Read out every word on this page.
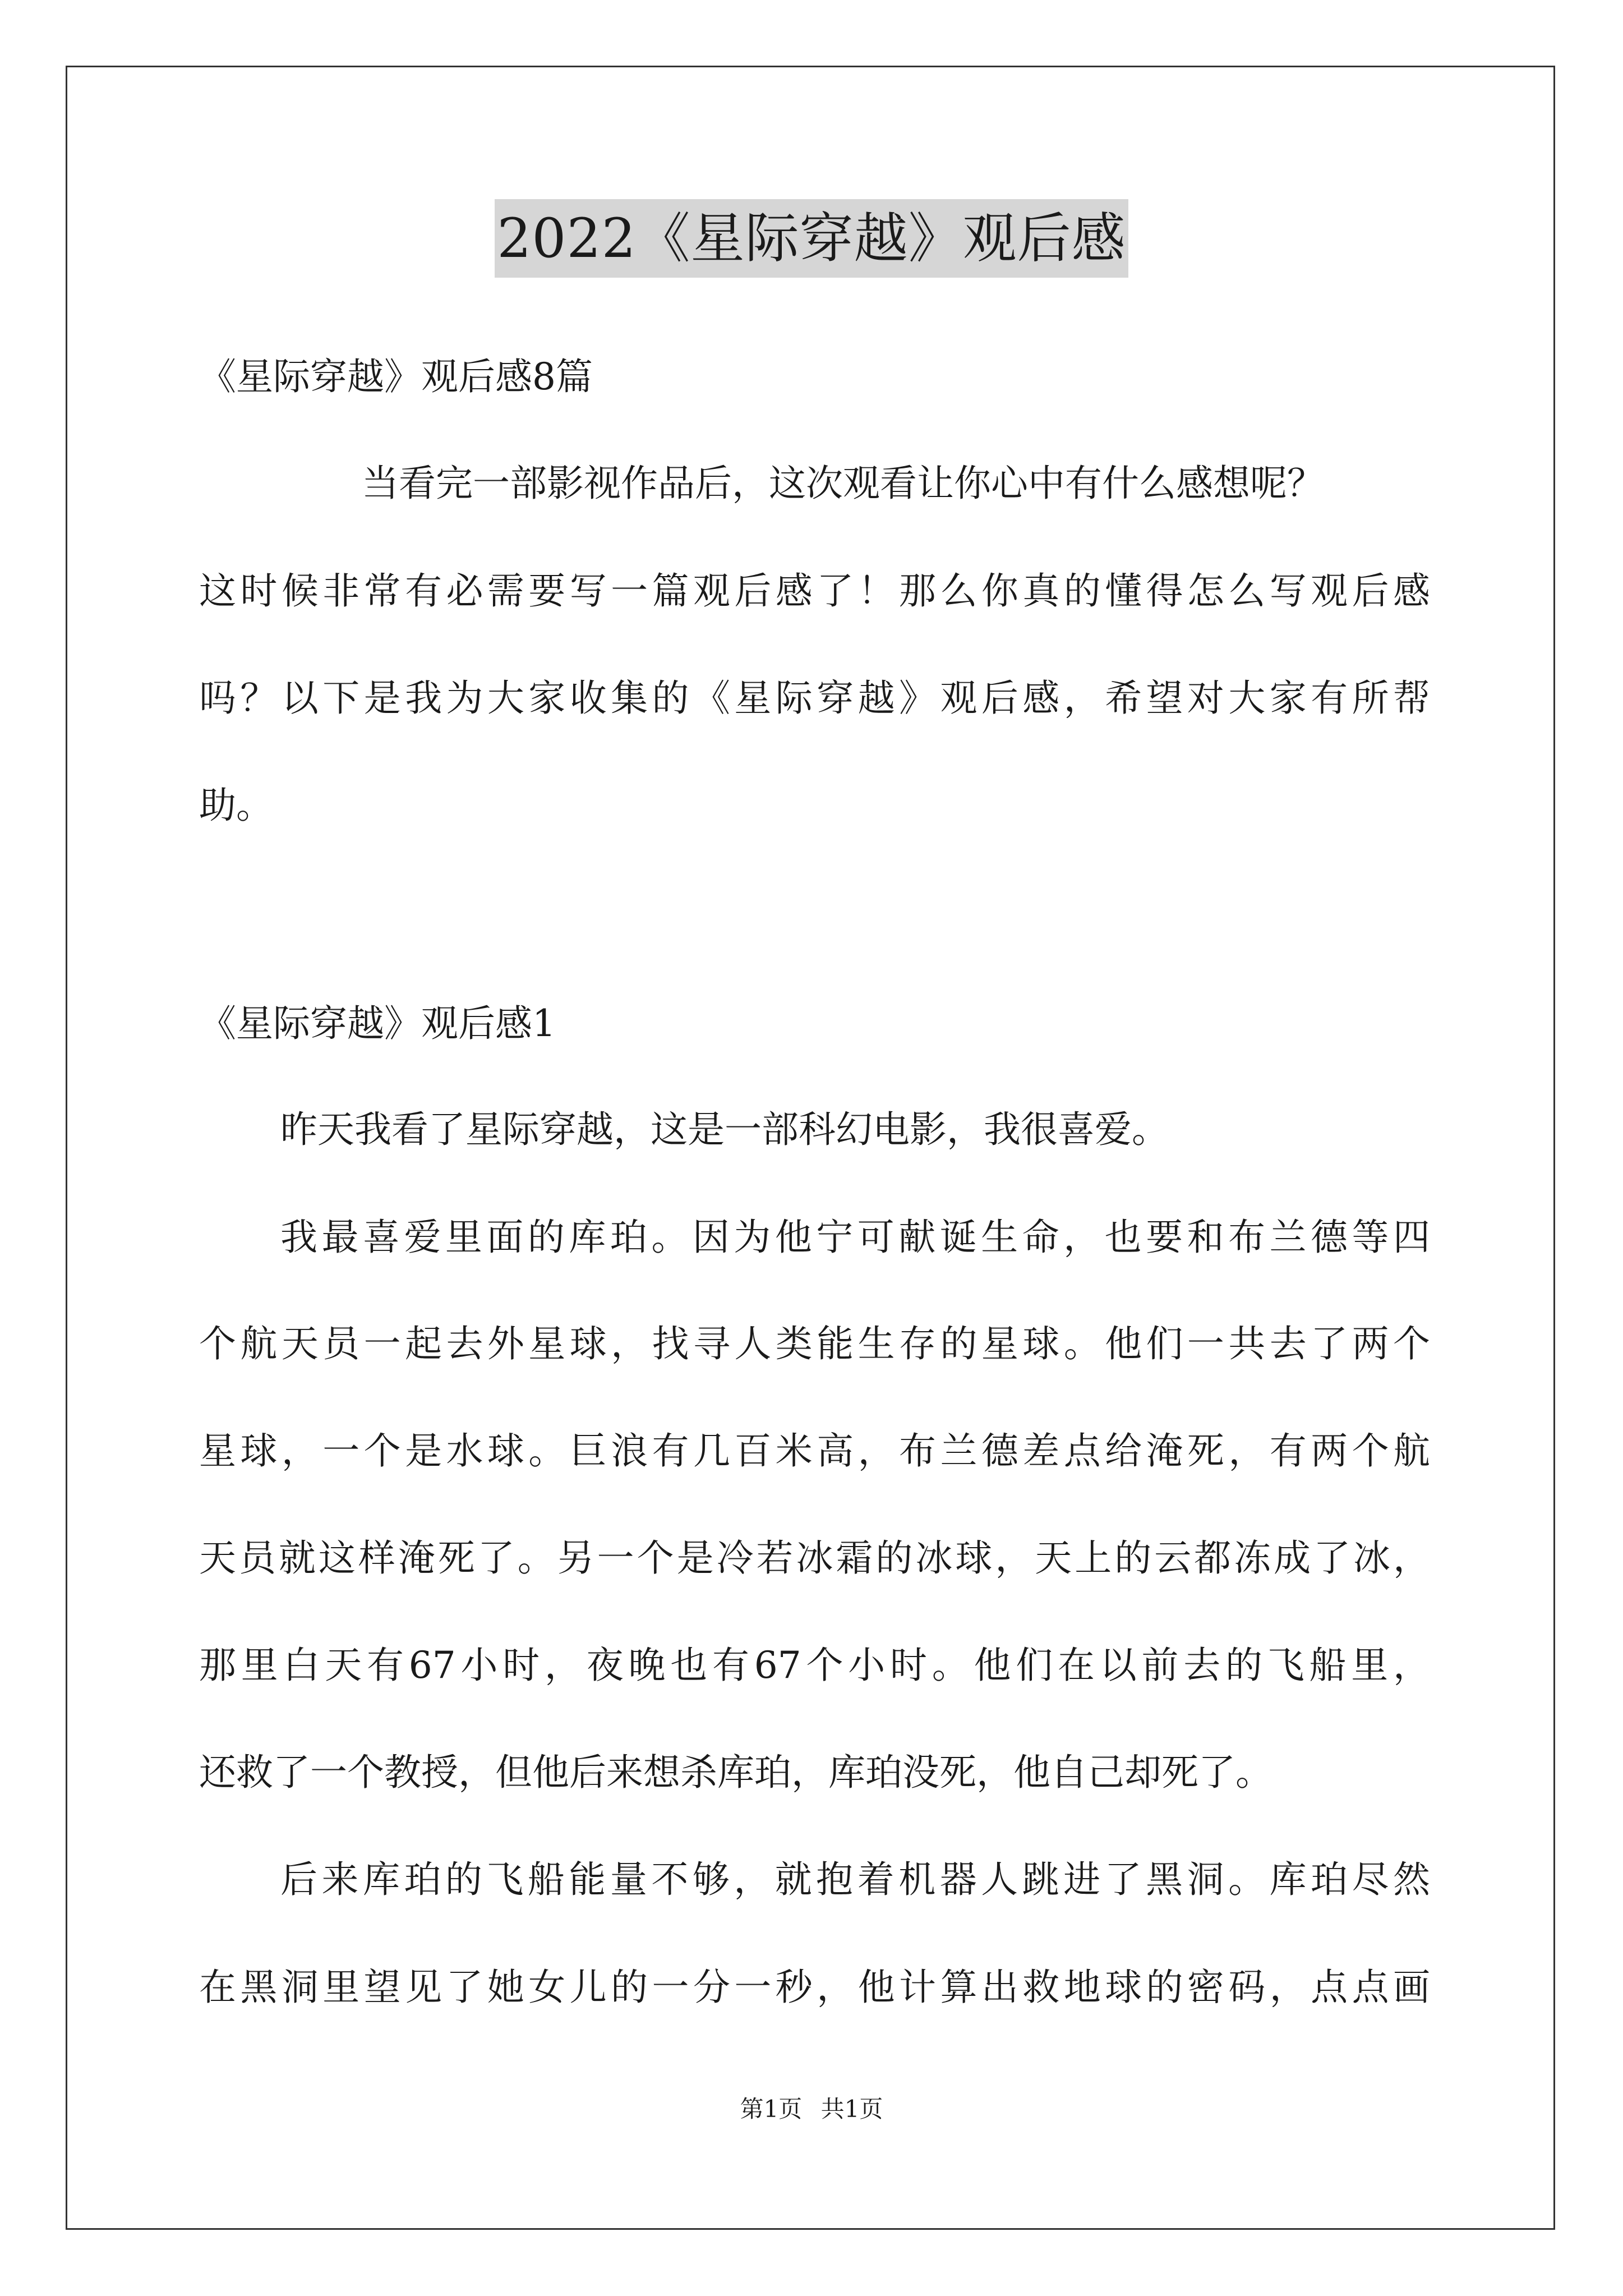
2022《星际穿越》观后感
《星际穿越》观后感8篇
当看完一部影视作品后，这次观看让你心中有什么感想呢？
这时候非常有必需要写一篇观后感了！那么你真的懂得怎么写观后感
吗？以下是我为大家收集的《星际穿越》观后感，希望对大家有所帮
助。
《星际穿越》观后感1
昨天我看了星际穿越，这是一部科幻电影，我很喜爱。
我最喜爱里面的库珀。因为他宁可献诞生命，也要和布兰德等四
个航天员一起去外星球，找寻人类能生存的星球。他们一共去了两个
星球，一个是水球。巨浪有几百米高，布兰德差点给淹死，有两个航
天员就这样淹死了。另一个是冷若冰霜的冰球，天上的云都冻成了冰，
那里白天有67小时，夜晚也有67个小时。他们在以前去的飞船里，
还救了一个教授，但他后来想杀库珀，库珀没死，他自己却死了。
后来库珀的飞船能量不够，就抱着机器人跳进了黑洞。库珀尽然
在黑洞里望见了她女儿的一分一秒，他计算出救地球的密码，点点画
第1页 共1页
